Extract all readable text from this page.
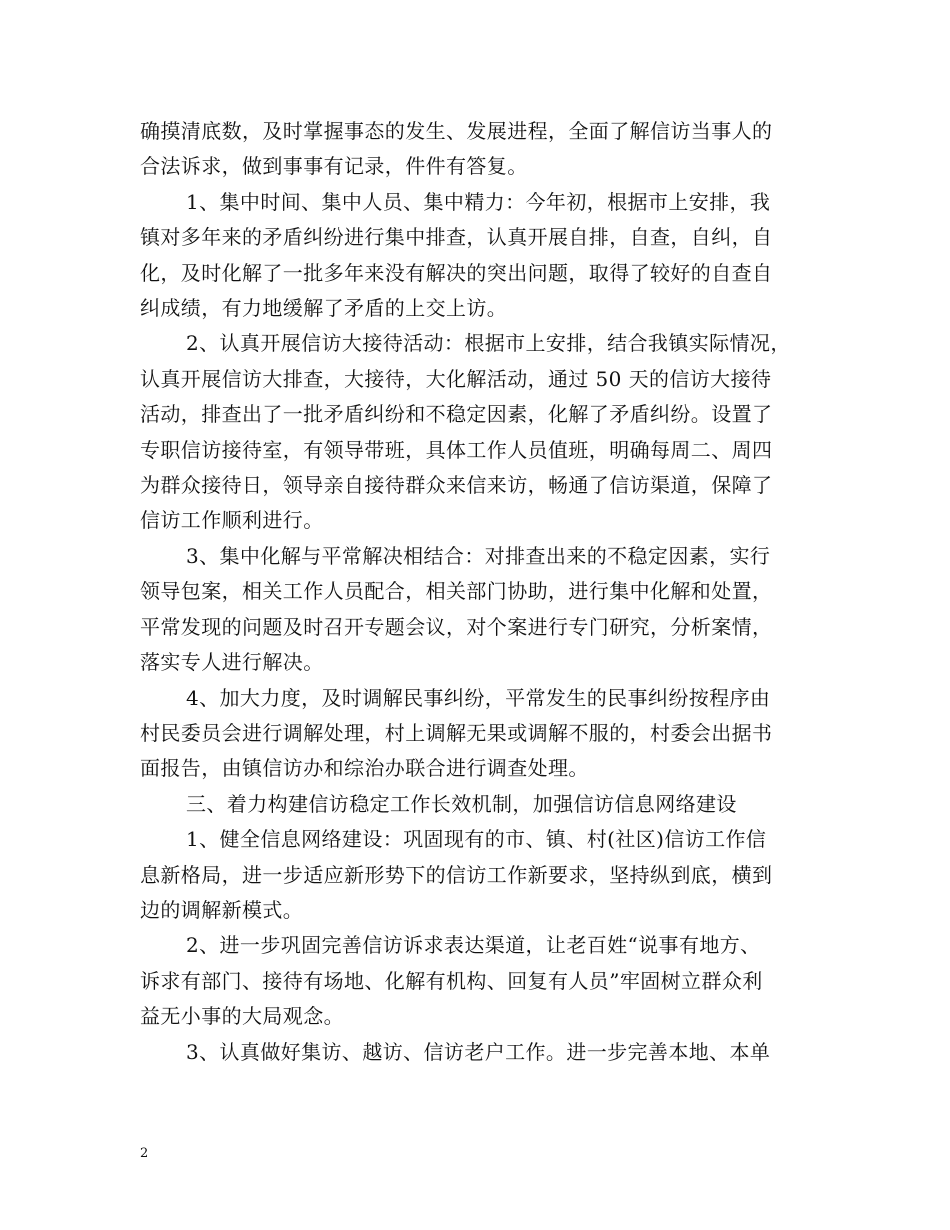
确摸清底数，及时掌握事态的发生、发展进程，全面了解信访当事人的
合法诉求，做到事事有记录，件件有答复。
1、集中时间、集中人员、集中精力：今年初，根据市上安排，我
镇对多年来的矛盾纠纷进行集中排查，认真开展自排，自查，自纠，自
化，及时化解了一批多年来没有解决的突出问题，取得了较好的自查自
纠成绩，有力地缓解了矛盾的上交上访。
2、认真开展信访大接待活动：根据市上安排，结合我镇实际情况，
认真开展信访大排查，大接待，大化解活动，通过 50 天的信访大接待
活动，排查出了一批矛盾纠纷和不稳定因素，化解了矛盾纠纷。设置了
专职信访接待室，有领导带班，具体工作人员值班，明确每周二、周四
为群众接待日，领导亲自接待群众来信来访，畅通了信访渠道，保障了
信访工作顺利进行。
3、集中化解与平常解决相结合：对排查出来的不稳定因素，实行
领导包案，相关工作人员配合，相关部门协助，进行集中化解和处置，
平常发现的问题及时召开专题会议，对个案进行专门研究，分析案情，
落实专人进行解决。
4、加大力度，及时调解民事纠纷，平常发生的民事纠纷按程序由
村民委员会进行调解处理，村上调解无果或调解不服的，村委会出据书
面报告，由镇信访办和综治办联合进行调查处理。
三、着力构建信访稳定工作长效机制，加强信访信息网络建设
1、健全信息网络建设：巩固现有的市、镇、村(社区)信访工作信
息新格局，进一步适应新形势下的信访工作新要求，坚持纵到底，横到
边的调解新模式。
2、进一步巩固完善信访诉求表达渠道，让老百姓“说事有地方、
诉求有部门、接待有场地、化解有机构、回复有人员”牢固树立群众利
益无小事的大局观念。
3、认真做好集访、越访、信访老户工作。进一步完善本地、本单
2
